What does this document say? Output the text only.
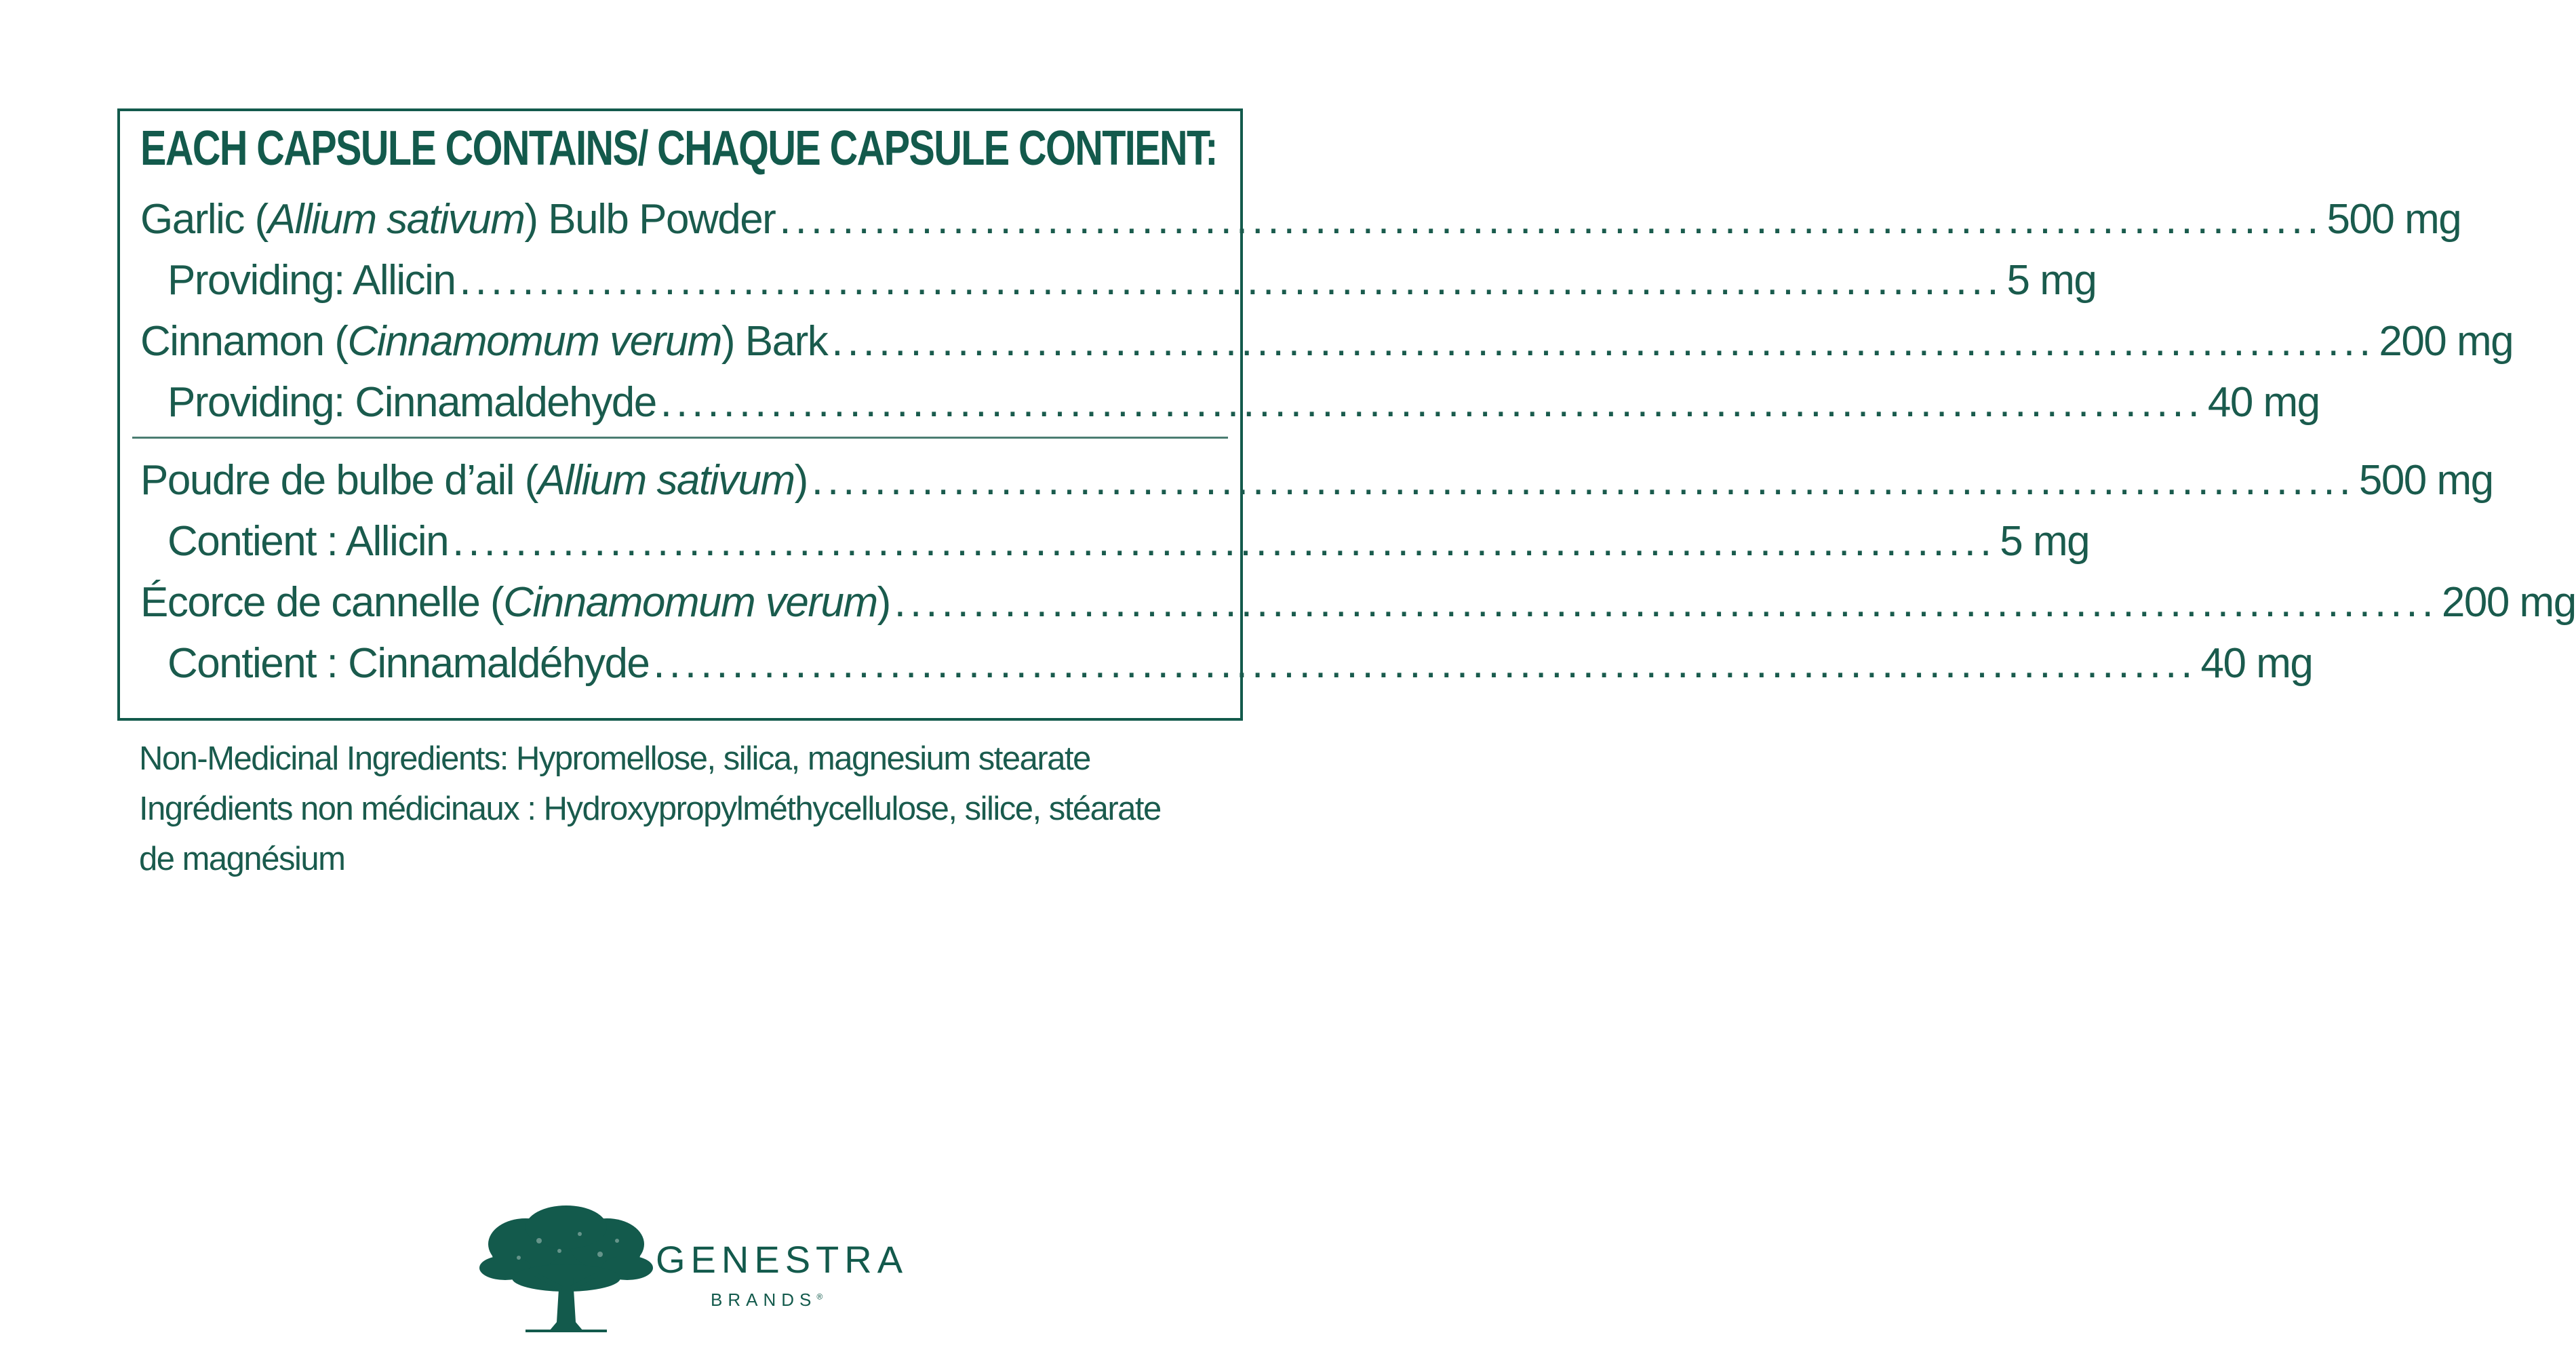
EACH CAPSULE CONTAINS/ CHAQUE CAPSULE CONTIENT:
Garlic (Allium sativum) Bulb Powder .................................................................................................. 500 mg
Providing: Allicin .................................................................................................. 5 mg
Cinnamon (Cinnamomum verum) Bark .................................................................................................. 200 mg
Providing: Cinnamaldehyde .................................................................................................. 40 mg
Poudre de bulbe d’ail (Allium sativum) .................................................................................................. 500 mg
Contient : Allicin .................................................................................................. 5 mg
Écorce de cannelle (Cinnamomum verum) .................................................................................................. 200 mg
Contient : Cinnamaldéhyde .................................................................................................. 40 mg
Non-Medicinal Ingredients: Hypromellose, silica, magnesium stearate
Ingrédients non médicinaux : Hydroxypropylméthycellulose, silice, stéarate
de magnésium
GENESTRA
BRANDS®
